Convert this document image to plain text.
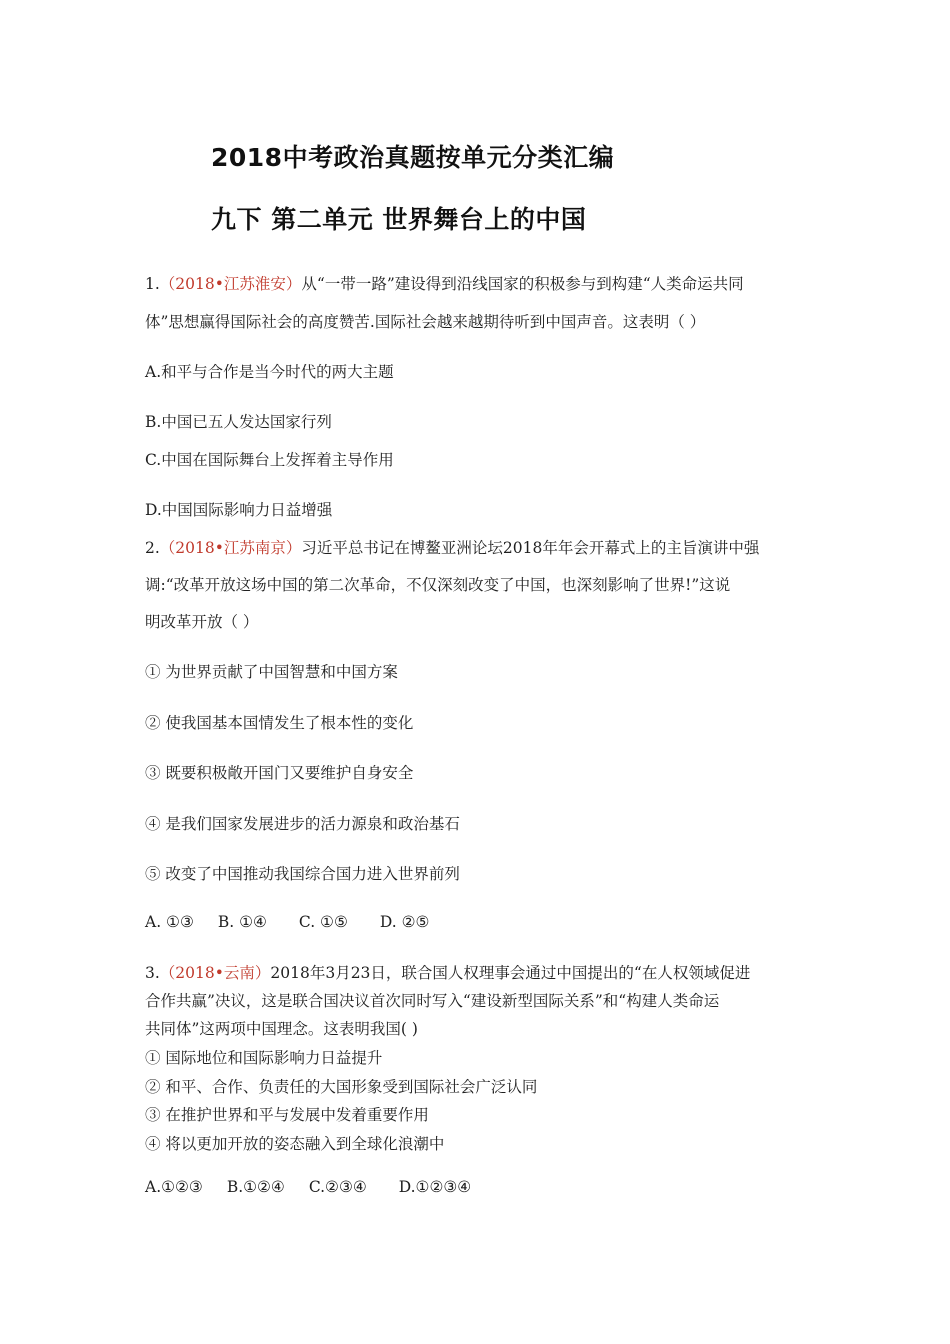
2018中考政治真题按单元分类汇编
九下 第二单元 世界舞台上的中国
1.（2018•江苏淮安）从“一带一路”建设得到沿线国家的积极参与到构建“人类命运共同
体”思想赢得国际社会的高度赞苦.国际社会越来越期待听到中国声音。这表明（ ）
A.和平与合作是当今时代的两大主题
B.中国已五人发达国家行列
C.中国在国际舞台上发挥着主导作用
D.中国国际影响力日益增强
2.（2018•江苏南京）习近平总书记在博鳌亚洲论坛2018年年会开幕式上的主旨演讲中强
调:“改革开放这场中国的第二次革命，不仅深刻改变了中国，也深刻影响了世界!”这说
明改革开放（ ）
① 为世界贡献了中国智慧和中国方案
② 使我国基本国情发生了根本性的变化
③ 既要积极敞开国门又要维护自身安全
④ 是我们国家发展进步的活力源泉和政治基石
⑤ 改变了中国推动我国综合国力进入世界前列
A. ①③ B. ①④ C. ①⑤ D. ②⑤
3.（2018•云南）2018年3月23日，联合国人权理事会通过中国提出的“在人权领域促进
合作共赢”决议，这是联合国决议首次同时写入“建设新型国际关系”和“构建人类命运
共同体”这两项中国理念。这表明我国( )
① 国际地位和国际影响力日益提升
② 和平、合作、负责任的大国形象受到国际社会广泛认同
③ 在推护世界和平与发展中发着重要作用
④ 将以更加开放的姿态融入到全球化浪潮中
A.①②③ B.①②④ C.②③④ D.①②③④
